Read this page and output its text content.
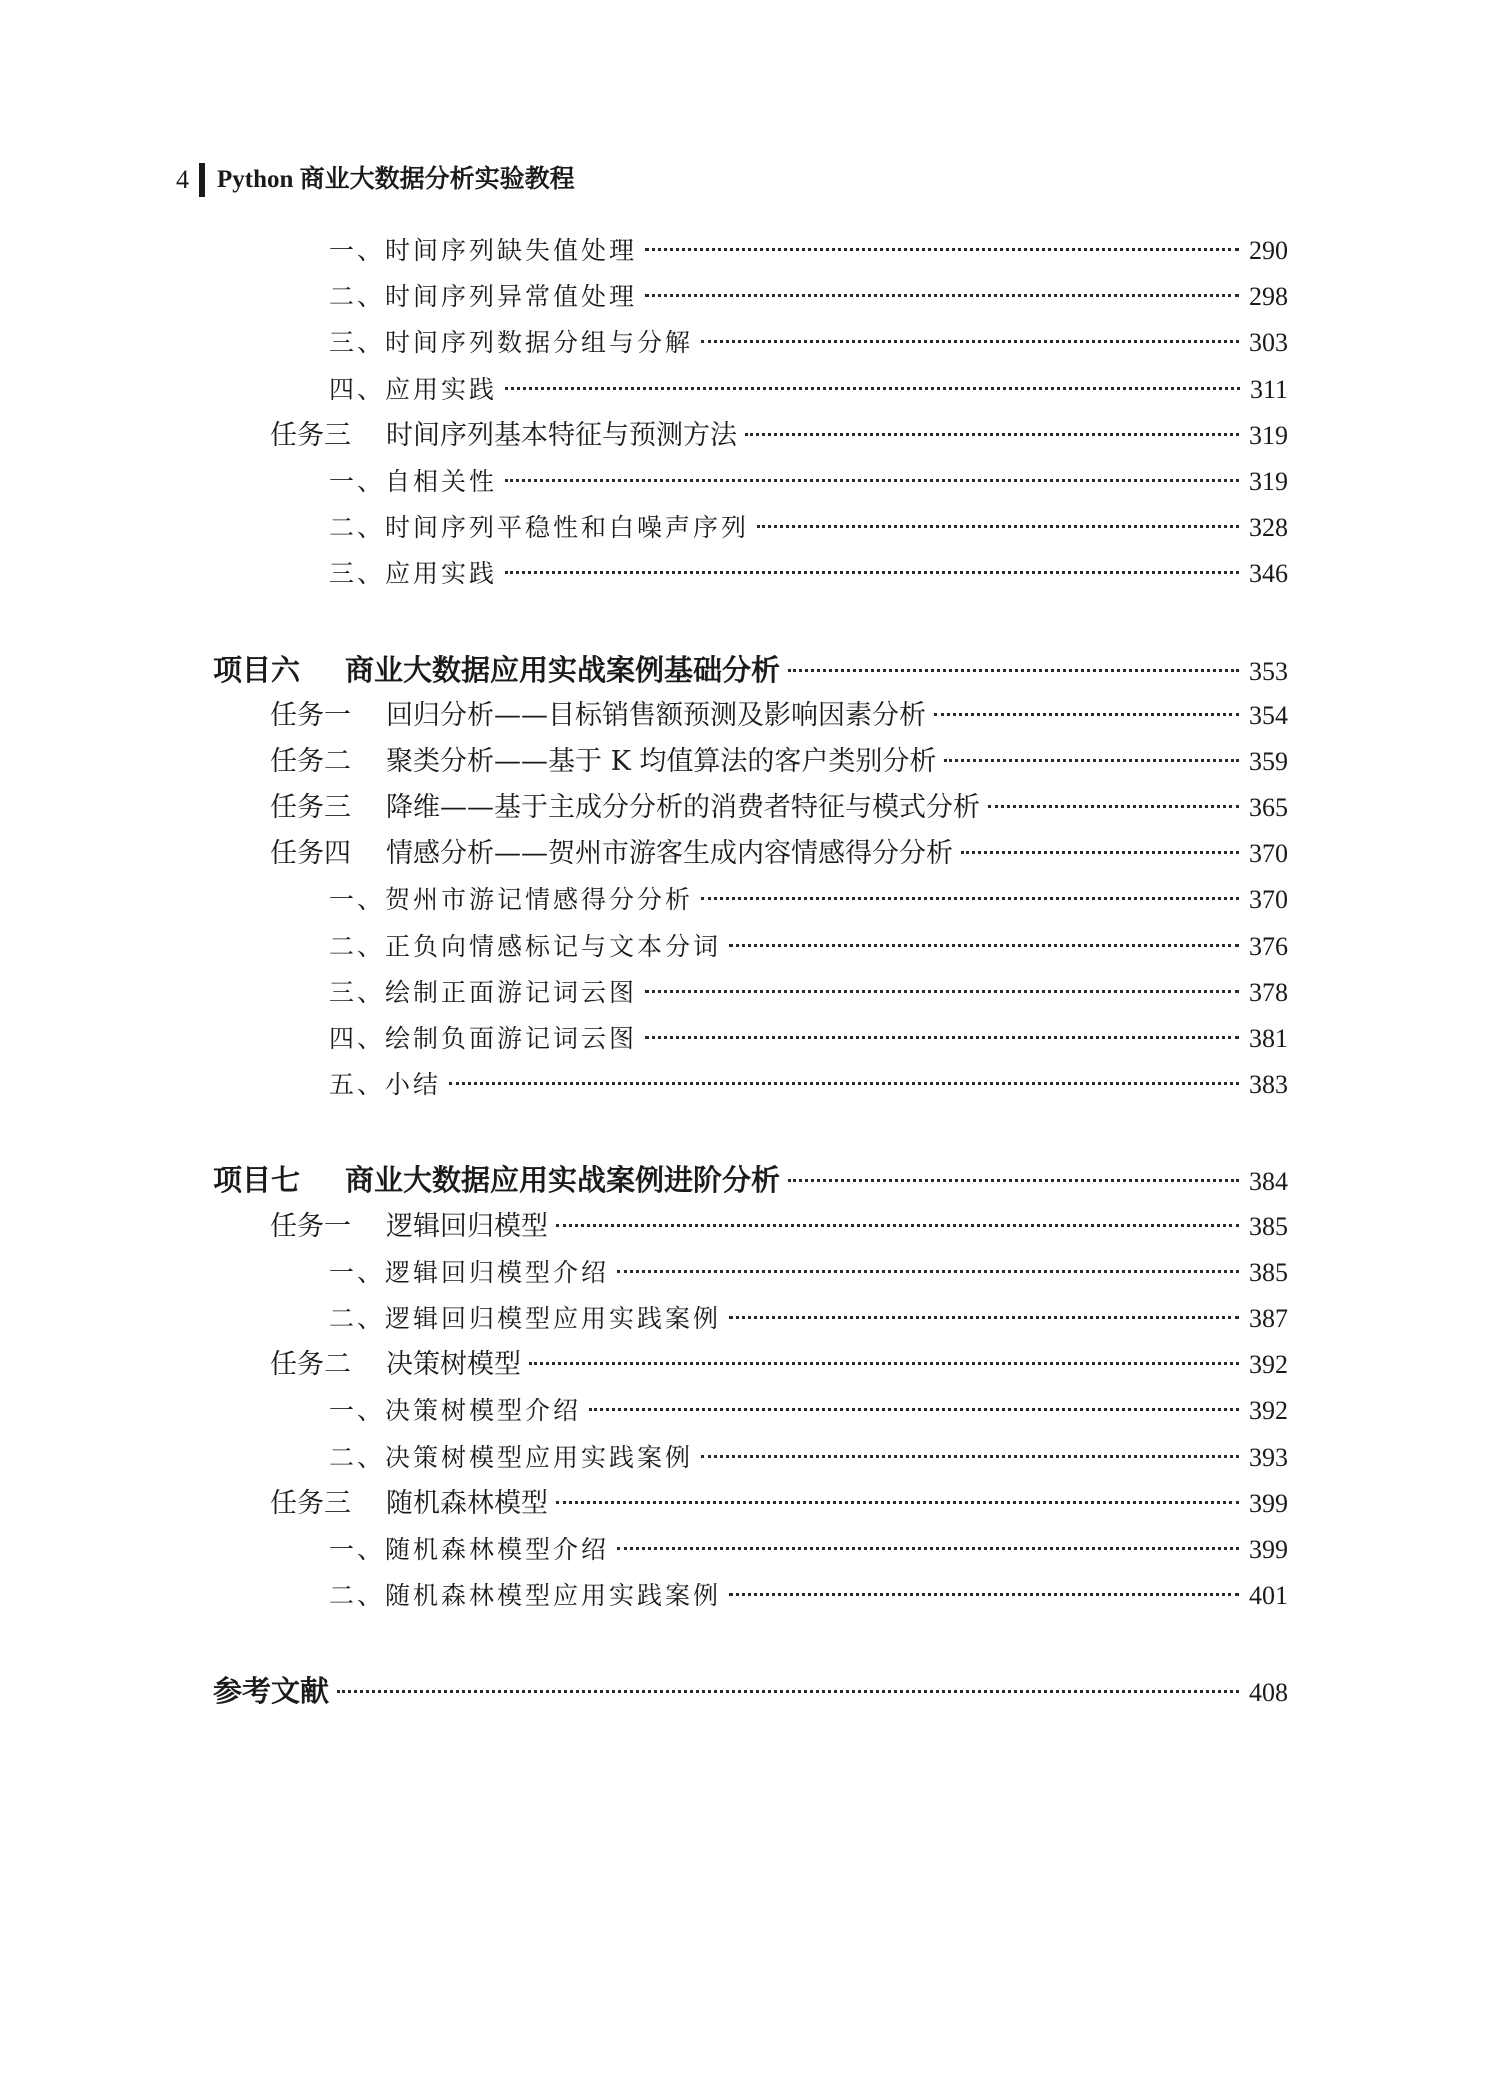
4 Python 商业大数据分析实验教程
一、时间序列缺失值处理	290
二、时间序列异常值处理	298
三、时间序列数据分组与分解	303
四、应用实践	311
任务三	时间序列基本特征与预测方法	319
一、自相关性	319
二、时间序列平稳性和白噪声序列	328
三、应用实践	346
项目六	商业大数据应用实战案例基础分析	353
任务一	回归分析——目标销售额预测及影响因素分析	354
任务二	聚类分析——基于 K 均值算法的客户类别分析	359
任务三	降维——基于主成分分析的消费者特征与模式分析	365
任务四	情感分析——贺州市游客生成内容情感得分分析	370
一、贺州市游记情感得分分析	370
二、正负向情感标记与文本分词	376
三、绘制正面游记词云图	378
四、绘制负面游记词云图	381
五、小结	383
项目七	商业大数据应用实战案例进阶分析	384
任务一	逻辑回归模型	385
一、逻辑回归模型介绍	385
二、逻辑回归模型应用实践案例	387
任务二	决策树模型	392
一、决策树模型介绍	392
二、决策树模型应用实践案例	393
任务三	随机森林模型	399
一、随机森林模型介绍	399
二、随机森林模型应用实践案例	401
参考文献	408
